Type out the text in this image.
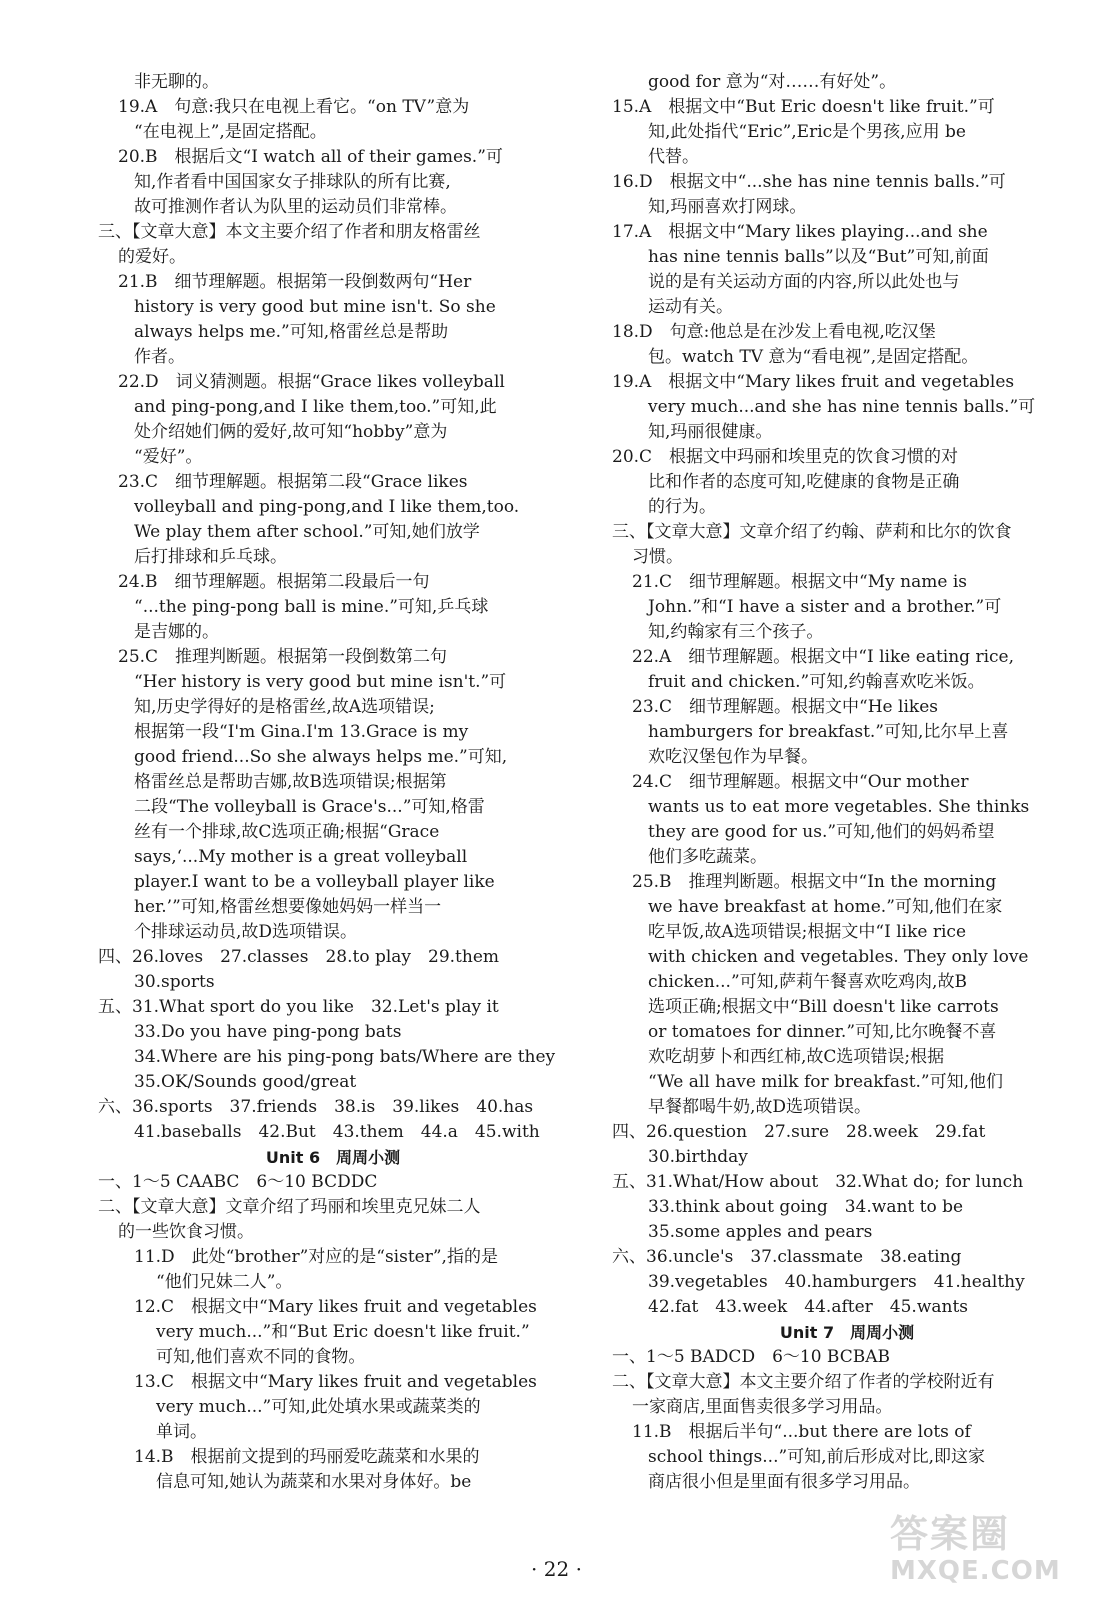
非无聊的。
19.A　句意:我只在电视上看它。“on TV”意为
“在电视上”,是固定搭配。
20.B　根据后文“I watch all of their games.”可
知,作者看中国国家女子排球队的所有比赛,
故可推测作者认为队里的运动员们非常棒。
三、【文章大意】本文主要介绍了作者和朋友格雷丝
的爱好。
21.B　细节理解题。根据第一段倒数两句“Her
history is very good but mine isn't. So she
always helps me.”可知,格雷丝总是帮助
作者。
22.D　词义猜测题。根据“Grace likes volleyball
and ping-pong,and I like them,too.”可知,此
处介绍她们俩的爱好,故可知“hobby”意为
“爱好”。
23.C　细节理解题。根据第二段“Grace likes
volleyball and ping-pong,and I like them,too.
We play them after school.”可知,她们放学
后打排球和乒乓球。
24.B　细节理解题。根据第二段最后一句
“...the ping-pong ball is mine.”可知,乒乓球
是吉娜的。
25.C　推理判断题。根据第一段倒数第二句
“Her history is very good but mine isn't.”可
知,历史学得好的是格雷丝,故A选项错误;
根据第一段“I'm Gina.I'm 13.Grace is my
good friend...So she always helps me.”可知,
格雷丝总是帮助吉娜,故B选项错误;根据第
二段“The volleyball is Grace's...”可知,格雷
丝有一个排球,故C选项正确;根据“Grace
says,‘...My mother is a great volleyball
player.I want to be a volleyball player like
her.’”可知,格雷丝想要像她妈妈一样当一
个排球运动员,故D选项错误。
四、26.loves　27.classes　28.to play　29.them
30.sports
五、31.What sport do you like　32.Let's play it
33.Do you have ping-pong bats
34.Where are his ping-pong bats/Where are they
35.OK/Sounds good/great
六、36.sports　37.friends　38.is　39.likes　40.has
41.baseballs　42.But　43.them　44.a　45.with
Unit 6　周周小测
一、1～5 CAABC　6～10 BCDDC
二、【文章大意】文章介绍了玛丽和埃里克兄妹二人
的一些饮食习惯。
11.D　此处“brother”对应的是“sister”,指的是
“他们兄妹二人”。
12.C　根据文中“Mary likes fruit and vegetables
very much...”和“But Eric doesn't like fruit.”
可知,他们喜欢不同的食物。
13.C　根据文中“Mary likes fruit and vegetables
very much...”可知,此处填水果或蔬菜类的
单词。
14.B　根据前文提到的玛丽爱吃蔬菜和水果的
信息可知,她认为蔬菜和水果对身体好。be
good for 意为“对……有好处”。
15.A　根据文中“But Eric doesn't like fruit.”可
知,此处指代“Eric”,Eric是个男孩,应用 be
代替。
16.D　根据文中“...she has nine tennis balls.”可
知,玛丽喜欢打网球。
17.A　根据文中“Mary likes playing...and she
has nine tennis balls”以及“But”可知,前面
说的是有关运动方面的内容,所以此处也与
运动有关。
18.D　句意:他总是在沙发上看电视,吃汉堡
包。watch TV 意为“看电视”,是固定搭配。
19.A　根据文中“Mary likes fruit and vegetables
very much...and she has nine tennis balls.”可
知,玛丽很健康。
20.C　根据文中玛丽和埃里克的饮食习惯的对
比和作者的态度可知,吃健康的食物是正确
的行为。
三、【文章大意】文章介绍了约翰、萨莉和比尔的饮食
习惯。
21.C　细节理解题。根据文中“My name is
John.”和“I have a sister and a brother.”可
知,约翰家有三个孩子。
22.A　细节理解题。根据文中“I like eating rice,
fruit and chicken.”可知,约翰喜欢吃米饭。
23.C　细节理解题。根据文中“He likes
hamburgers for breakfast.”可知,比尔早上喜
欢吃汉堡包作为早餐。
24.C　细节理解题。根据文中“Our mother
wants us to eat more vegetables. She thinks
they are good for us.”可知,他们的妈妈希望
他们多吃蔬菜。
25.B　推理判断题。根据文中“In the morning
we have breakfast at home.”可知,他们在家
吃早饭,故A选项错误;根据文中“I like rice
with chicken and vegetables. They only love
chicken...”可知,萨莉午餐喜欢吃鸡肉,故B
选项正确;根据文中“Bill doesn't like carrots
or tomatoes for dinner.”可知,比尔晚餐不喜
欢吃胡萝卜和西红柿,故C选项错误;根据
“We all have milk for breakfast.”可知,他们
早餐都喝牛奶,故D选项错误。
四、26.question　27.sure　28.week　29.fat
30.birthday
五、31.What/How about　32.What do; for lunch
33.think about going　34.want to be
35.some apples and pears
六、36.uncle's　37.classmate　38.eating
39.vegetables　40.hamburgers　41.healthy
42.fat　43.week　44.after　45.wants
Unit 7　周周小测
一、1～5 BADCD　6～10 BCBAB
二、【文章大意】本文主要介绍了作者的学校附近有
一家商店,里面售卖很多学习用品。
11.B　根据后半句“...but there are lots of
school things...”可知,前后形成对比,即这家
商店很小但是里面有很多学习用品。
· 22 ·
答案圈
MXQE.COM
